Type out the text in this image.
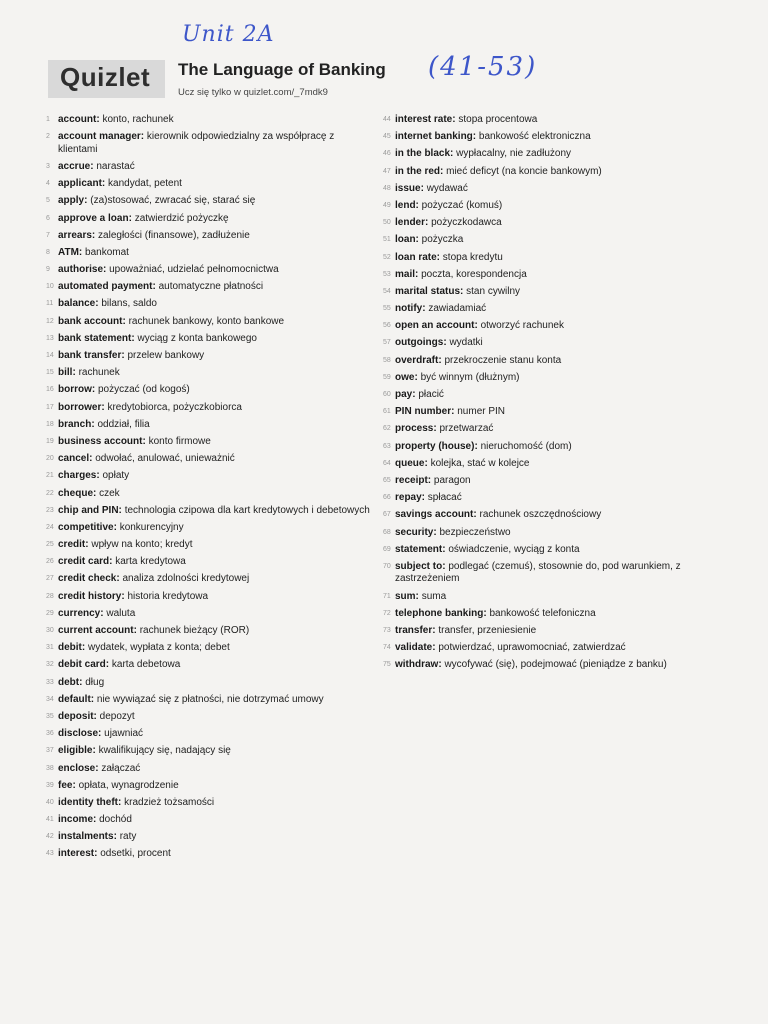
Unit 2A
(41-53)
Quizlet The Language of Banking
Ucz się tylko w quizlet.com/_7mdk9
1 account: konto, rachunek
2 account manager: kierownik odpowiedzialny za współpracę z klientami
3 accrue: narastać
4 applicant: kandydat, petent
5 apply: (za)stosować, zwracać się, starać się
6 approve a loan: zatwierdzić pożyczkę
7 arrears: zaległości (finansowe), zadłużenie
8 ATM: bankomat
9 authorise: upoważniać, udzielać pełnomocnictwa
10 automated payment: automatyczne płatności
11 balance: bilans, saldo
12 bank account: rachunek bankowy, konto bankowe
13 bank statement: wyciąg z konta bankowego
14 bank transfer: przelew bankowy
15 bill: rachunek
16 borrow: pożyczać (od kogoś)
17 borrower: kredytobiorca, pożyczkobiorca
18 branch: oddział, filia
19 business account: konto firmowe
20 cancel: odwołać, anulować, unieważnić
21 charges: opłaty
22 cheque: czek
23 chip and PIN: technologia czipowa dla kart kredytowych i debetowych
24 competitive: konkurencyjny
25 credit: wpływ na konto; kredyt
26 credit card: karta kredytowa
27 credit check: analiza zdolności kredytowej
28 credit history: historia kredytowa
29 currency: waluta
30 current account: rachunek bieżący (ROR)
31 debit: wydatek, wypłata z konta; debet
32 debit card: karta debetowa
33 debt: dług
34 default: nie wywiązać się z płatności, nie dotrzymać umowy
35 deposit: depozyt
36 disclose: ujawniać
37 eligible: kwalifikujący się, nadający się
38 enclose: załączać
39 fee: opłata, wynagrodzenie
40 identity theft: kradzież tożsamości
41 income: dochód
42 instalments: raty
43 interest: odsetki, procent
44 interest rate: stopa procentowa
45 internet banking: bankowość elektroniczna
46 in the black: wypłacalny, nie zadłużony
47 in the red: mieć deficyt (na koncie bankowym)
48 issue: wydawać
49 lend: pożyczać (komuś)
50 lender: pożyczkodawca
51 loan: pożyczka
52 loan rate: stopa kredytu
53 mail: poczta, korespondencja
54 marital status: stan cywilny
55 notify: zawiadamiać
56 open an account: otworzyć rachunek
57 outgoings: wydatki
58 overdraft: przekroczenie stanu konta
59 owe: być winnym (dłużnym)
60 pay: płacić
61 PIN number: numer PIN
62 process: przetwarzać
63 property (house): nieruchomość (dom)
64 queue: kolejka, stać w kolejce
65 receipt: paragon
66 repay: spłacać
67 savings account: rachunek oszczędnościowy
68 security: bezpieczeństwo
69 statement: oświadczenie, wyciąg z konta
70 subject to: podlegać (czemuś), stosownie do, pod warunkiem, z zastrzeżeniem
71 sum: suma
72 telephone banking: bankowość telefoniczna
73 transfer: transfer, przeniesienie
74 validate: potwierdzać, uprawomocniać, zatwierdzać
75 withdraw: wycofywać (się), podejmować (pieniądze z banku)
